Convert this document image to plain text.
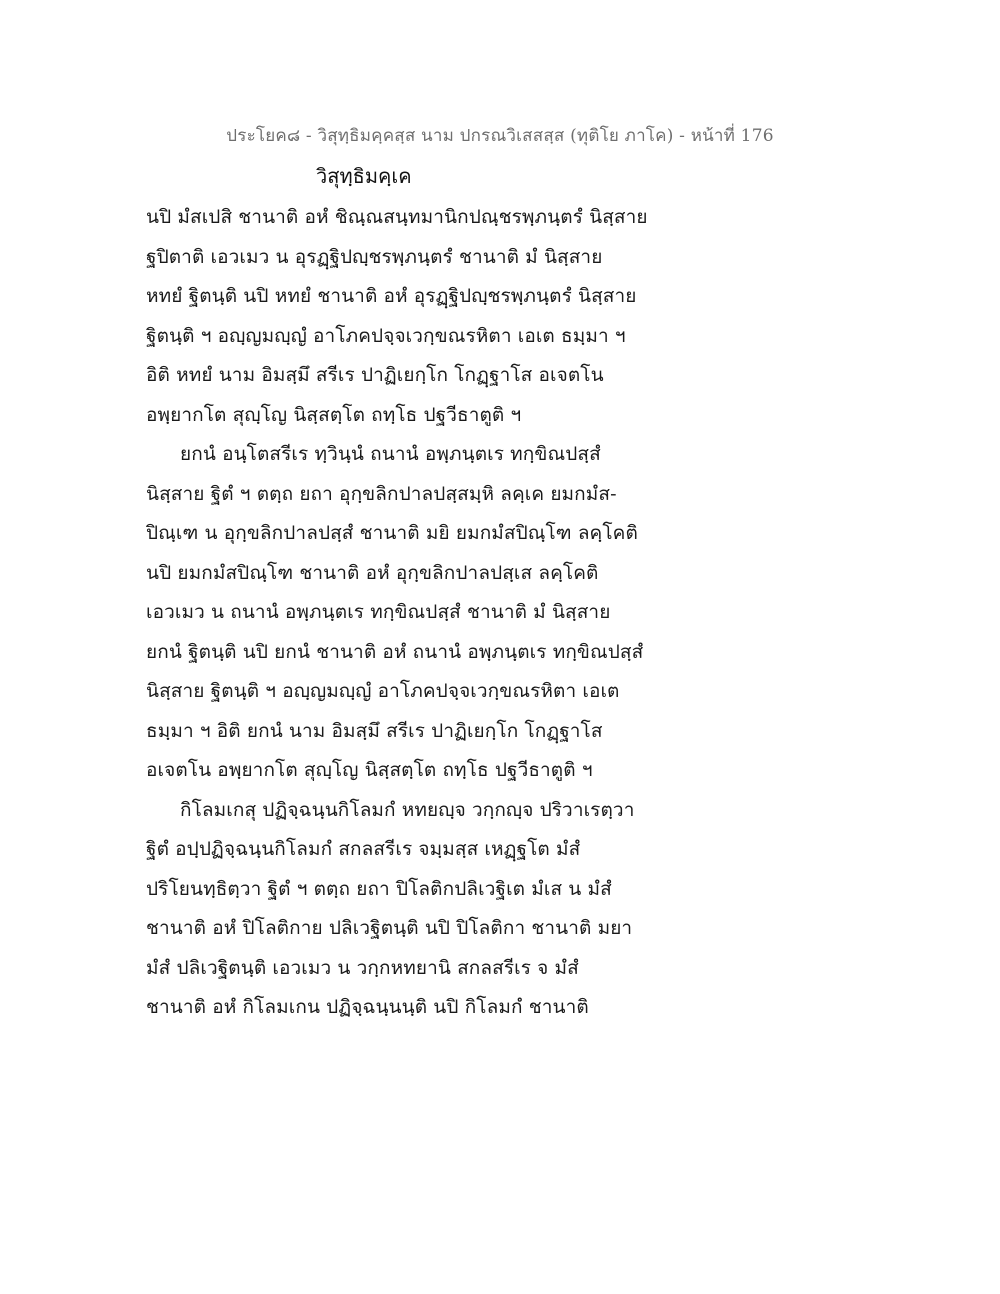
ประโยค๘ - วิสุทฺธิมคฺคสฺส นาม ปกรณวิเสสสฺส (ทุติโย ภาโค) - หน้าที่ 176
วิสุทฺธิมคฺเค
นปิ มํสเปสิ ชานาติ อหํ ชิณฺณสนฺทมานิกปณฺชรพฺภนฺตรํ นิสฺสาย
ฐปิตาติ เอวเมว น อุรฏฺฐิปญฺชรพฺภนฺตรํ ชานาติ มํ นิสฺสาย
หทยํ ฐิตนฺติ นปิ หทยํ ชานาติ อหํ อุรฏฺฐิปญฺชรพฺภนฺตรํ นิสฺสาย
ฐิตนฺติ ฯ อญฺญมญฺญํ อาโภคปจฺจเวกฺขณรหิตา เอเต ธมฺมา ฯ
อิติ หทยํ นาม อิมสฺมึ สรีเร ปาฏิเยกฺโก โกฏฺฐาโส อเจตโน
อพฺยากโต สุญฺโญ นิสฺสตฺโต ถทฺโธ ปฐวีธาตูติ ฯ
ยกนํ อนฺโตสรีเร ทฺวินฺนํ ถนานํ อพฺภนฺตเร ทกฺขิณปสฺสํ
นิสฺสาย ฐิตํ ฯ ตตฺถ ยถา อุกฺขลิกปาลปสฺสมฺหิ ลคฺเค ยมกมํส-
ปิณฺเฑ น อุกฺขลิกปาลปสฺสํ ชานาติ มยิ ยมกมํสปิณฺโฑ ลคฺโคติ
นปิ ยมกมํสปิณฺโฑ ชานาติ อหํ อุกฺขลิกปาลปสฺเส ลคฺโคติ
เอวเมว น ถนานํ อพฺภนฺตเร ทกฺขิณปสฺสํ ชานาติ มํ นิสฺสาย
ยกนํ ฐิตนฺติ นปิ ยกนํ ชานาติ อหํ ถนานํ อพฺภนฺตเร ทกฺขิณปสฺสํ
นิสฺสาย ฐิตนฺติ ฯ อญฺญมญฺญํ อาโภคปจฺจเวกฺขณรหิตา เอเต
ธมฺมา ฯ อิติ ยกนํ นาม อิมสฺมึ สรีเร ปาฏิเยกฺโก โกฏฺฐาโส
อเจตโน อพฺยากโต สุญฺโญ นิสฺสตฺโต ถทฺโธ ปฐวีธาตูติ ฯ
กิโลมเกสุ ปฏิจฺฉนฺนกิโลมกํ หทยญฺจ วกฺกญฺจ ปริวาเรตฺวา
ฐิตํ อปฺปฏิจฺฉนฺนกิโลมกํ สกลสรีเร จมฺมสฺส เหฏฺฐโต มํสํ
ปริโยนทฺธิตฺวา ฐิตํ ฯ ตตฺถ ยถา ปิโลติกปลิเวฐิเต มํเส น มํสํ
ชานาติ อหํ ปิโลติกาย ปลิเวฐิตนฺติ นปิ ปิโลติกา ชานาติ มยา
มํสํ ปลิเวฐิตนฺติ เอวเมว น วกฺกหทยานิ สกลสรีเร จ มํสํ
ชานาติ อหํ กิโลมเกน ปฏิจฺฉนฺนนฺติ นปิ กิโลมกํ ชานาติ
